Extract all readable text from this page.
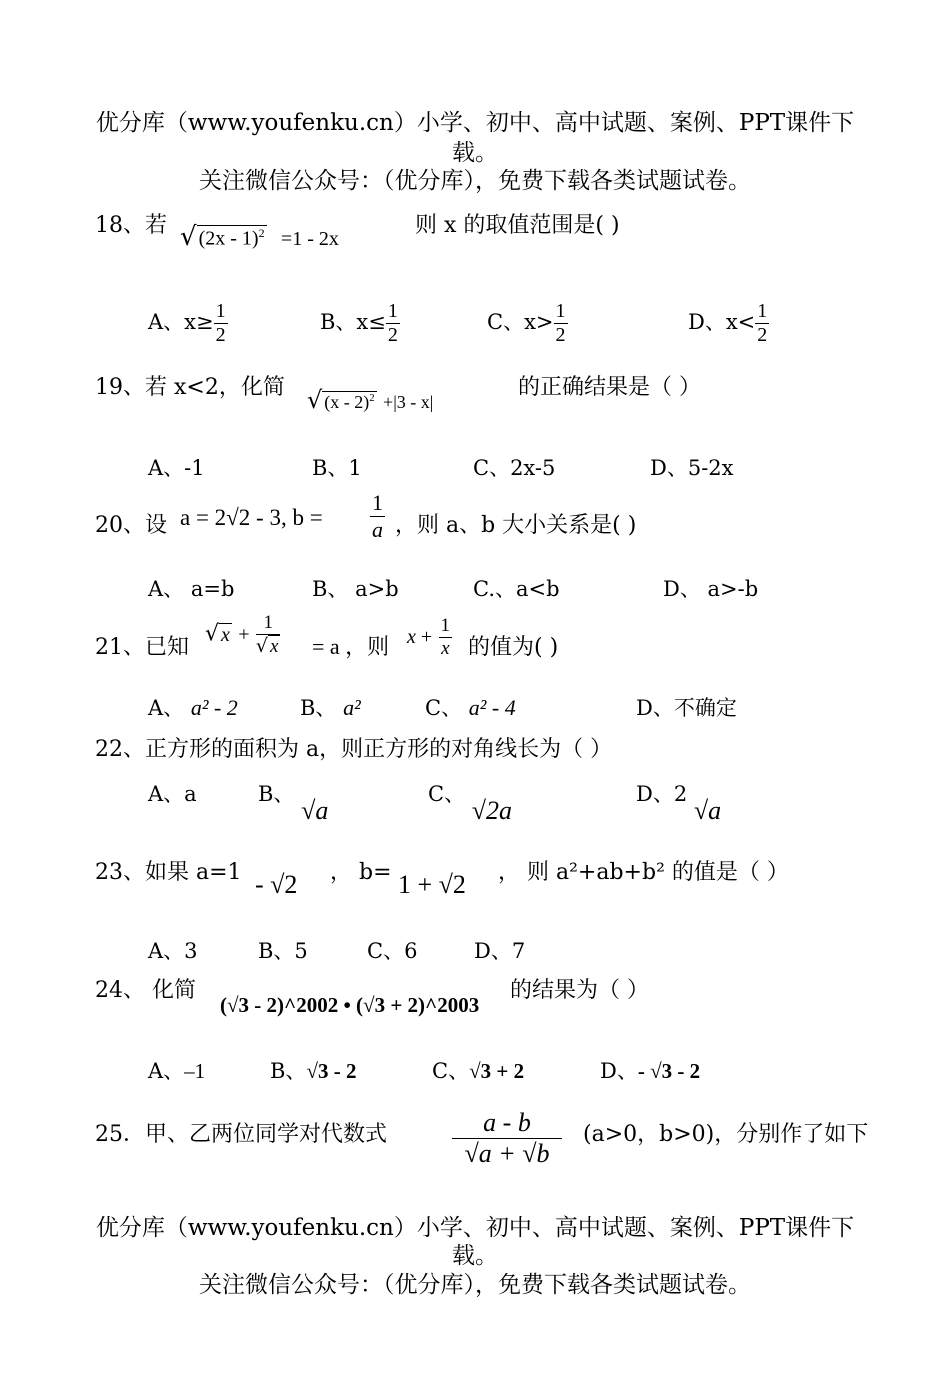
优分库（www.youfenku.cn）小学、初中、高中试题、案例、PPT课件下
载。
关注微信公众号：（优分库），免费下载各类试题试卷。
18、若 √ (2x - 1)$^2$ =1 - 2x
则 x 的取值范围是( )
A、$x\ge \frac{1}{2}$	B、$x\le \frac{1}{2}$	C、$x> \frac{1}{2}$	D、$x< \frac{1}{2}$
19、若 x<2，化简 √ (x - 2)$^2$ +|3 - x|
的正确结果是（ ）
A、-1	B、1	C、2x-5	D、5-2x
20、设 a = 2√2 - 3, $b = \frac{1}{a}$ ，则 a、b 大小关系是( )
A、 a=b	B、 a>b	C.、a<b	D、 a>-b
21、已知
√ $x + \frac{1}{√ x} = a$ ，则 $x + \frac{1}{x}$ 的值为( )
A、 a² - 2	B、 a²	C、 a² - 4	D、不确定
22、正方形的面积为 a，则正方形的对角线长为（ ）
A、a	B、 √a
C、 √2a
D、2 √a
23、如果 a=1 - √2 ， b= 1 + √2 ， 则 a²+ab+b² 的值是（ ）
A、3	B、5	C、6	D、7
24、 化简
(√3 - 2)^2002 • (√3 + 2)^2003
的结果为（ ）
A、–1	B、√3 - 2	C、√3 + 2	D、- √3 - 2
25．甲、乙两位同学对代数式	$\frac{a - b}{√a + √b} (a>0$，b>0)，分别作了如下
优分库（www.youfenku.cn）小学、初中、高中试题、案例、PPT课件下
载。
关注微信公众号：（优分库），免费下载各类试题试卷。
